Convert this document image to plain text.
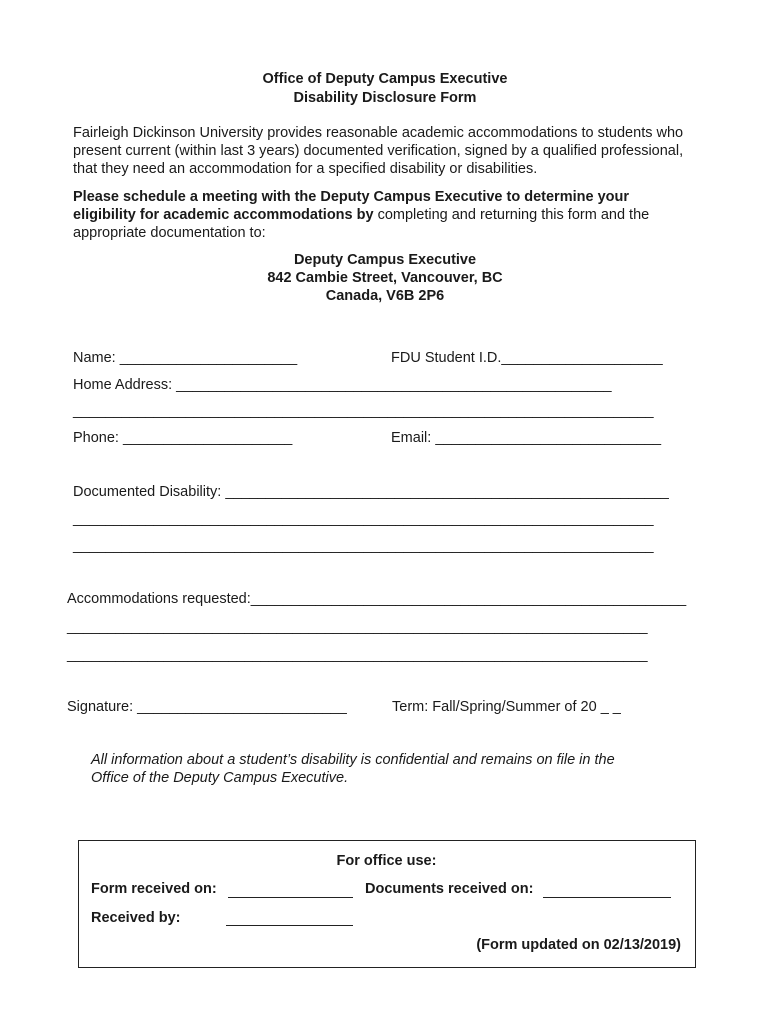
Office of Deputy Campus Executive
Disability Disclosure Form
Fairleigh Dickinson University provides reasonable academic accommodations to students who present current (within last 3 years) documented verification, signed by a qualified professional, that they need an accommodation for a specified disability or disabilities.
Please schedule a meeting with the Deputy Campus Executive to determine your eligibility for academic accommodations by completing and returning this form and the appropriate documentation to:
Deputy Campus Executive
842 Cambie Street, Vancouver, BC
Canada, V6B 2P6
Name: ______________________	FDU Student I.D.____________________
Home Address: ______________________________________________________
________________________________________________________________________
Phone: _____________________	Email: ____________________________
Documented Disability: _______________________________________________________
________________________________________________________________________
________________________________________________________________________
Accommodations requested:______________________________________________________
________________________________________________________________________
________________________________________________________________________
Signature: __________________________	Term: Fall/Spring/Summer of 20 _ _
All information about a student’s disability is confidential and remains on file in the
Office of the Deputy Campus Executive.
For office use:
Form received on:	Documents received on:
Received by:
(Form updated on 02/13/2019)
